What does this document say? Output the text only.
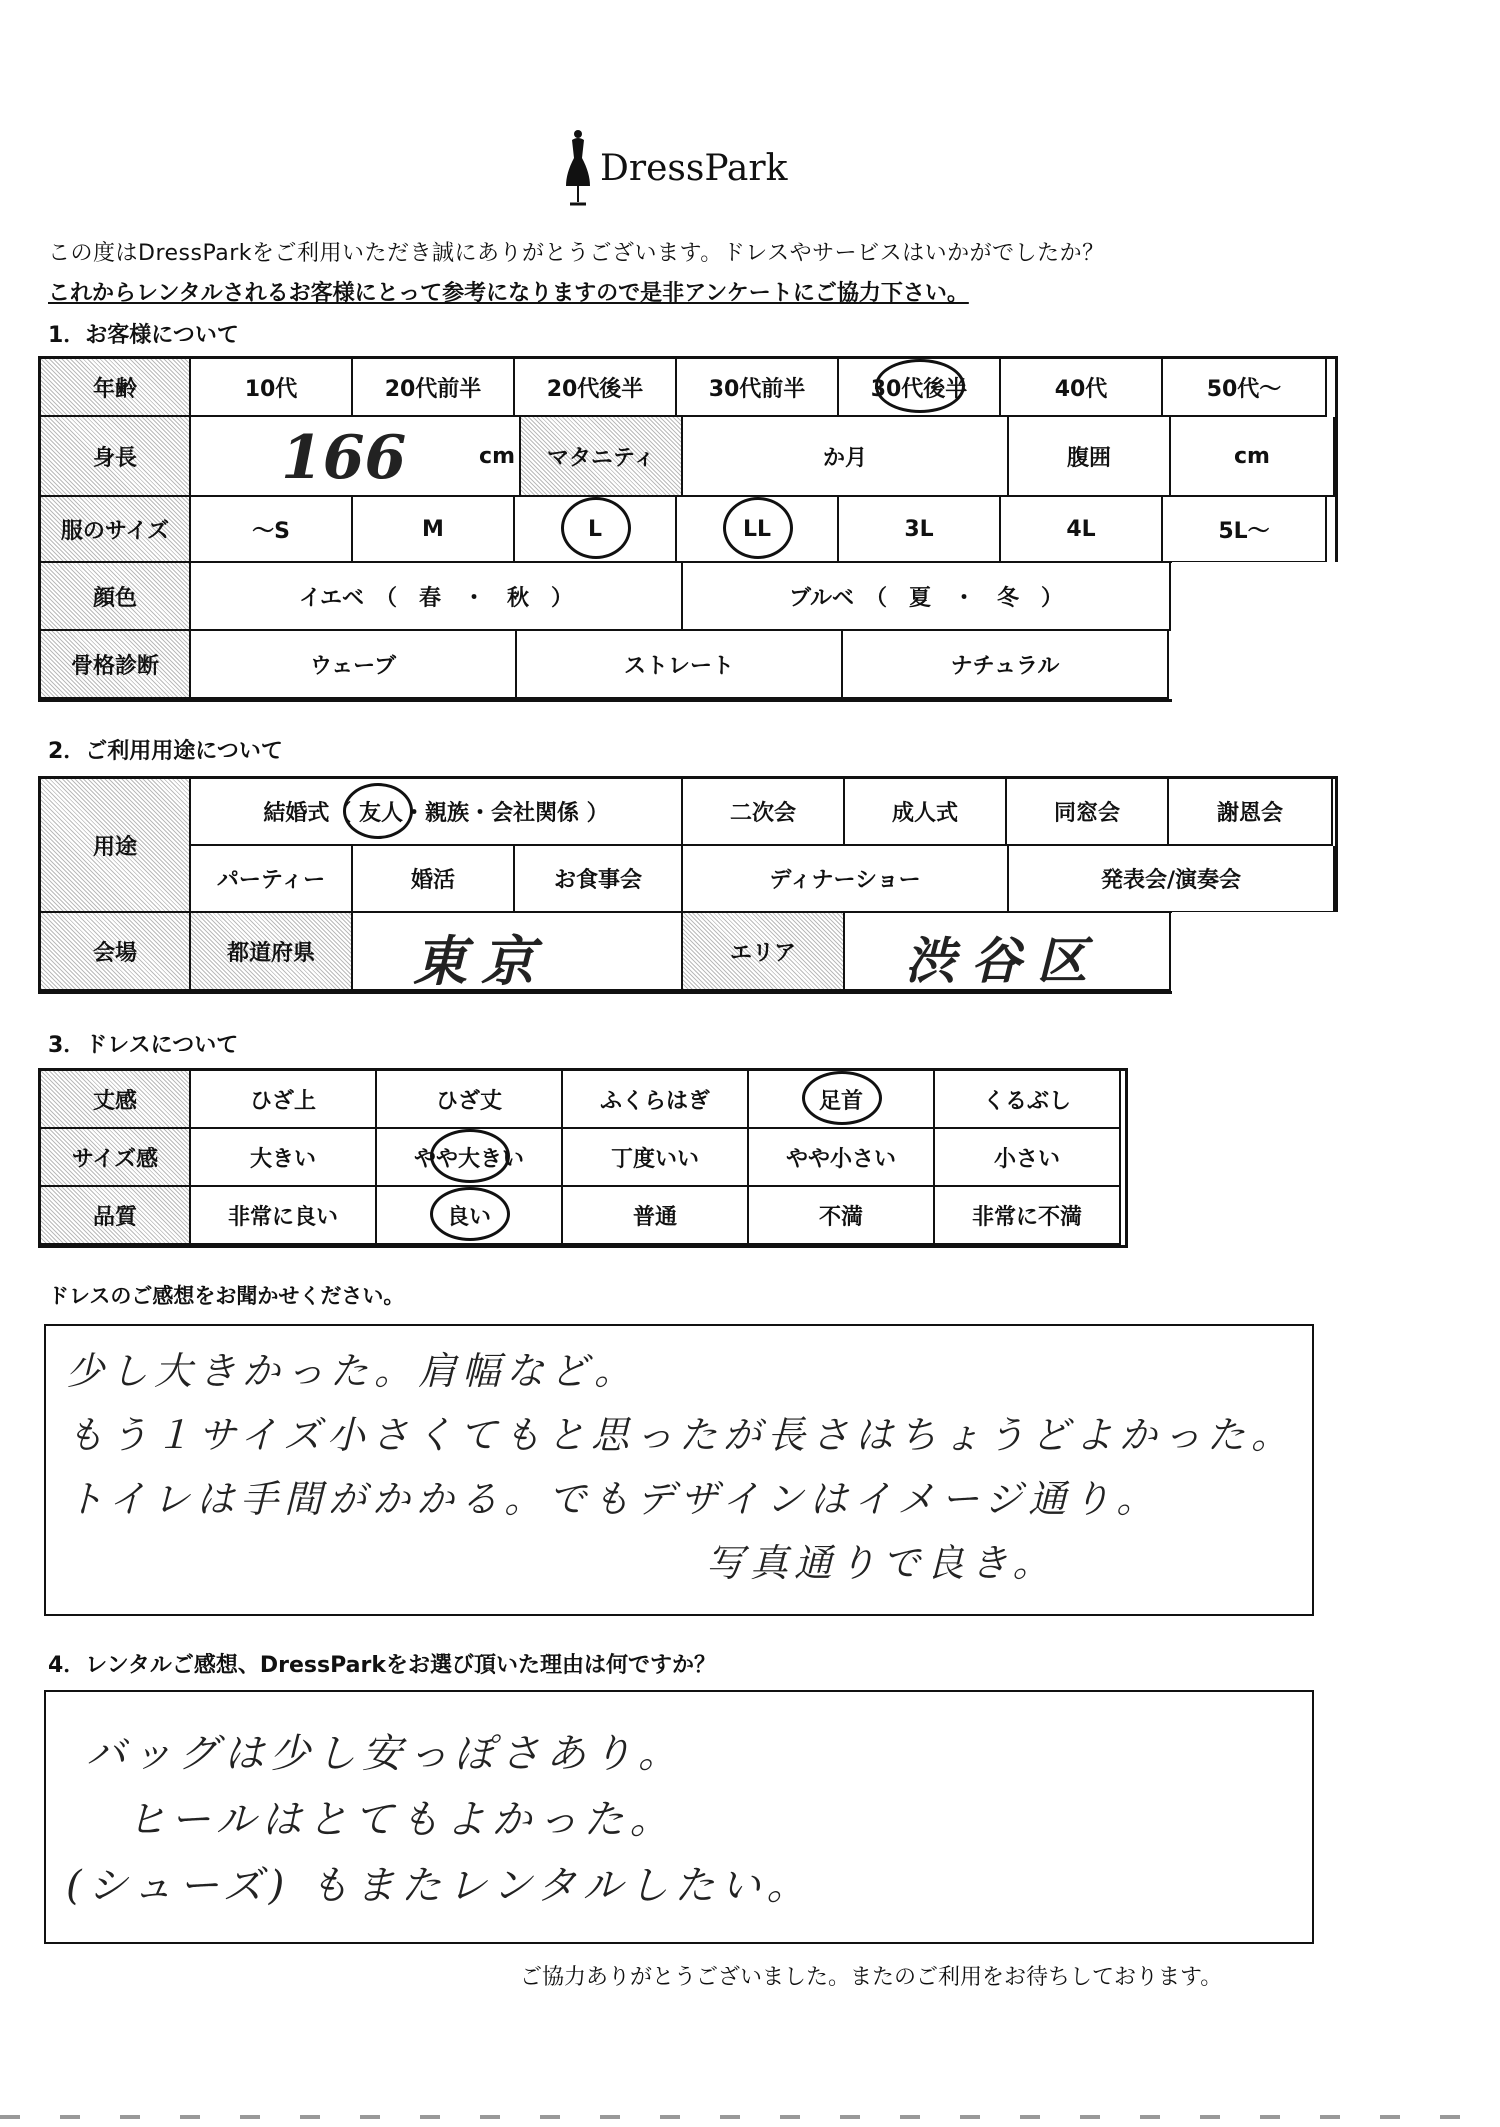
DressPark
この度はDressParkをご利用いただき誠にありがとうございます。ドレスやサービスはいかがでしたか？
これからレンタルされるお客様にとって参考になりますので是非アンケートにご協力下さい。
1．お客様について
年齢	10代	20代前半	20代後半	30代前半	30代後半	40代	50代～
身長	166	cm	マタニティ	か月	腹囲	cm
服のサイズ	～S	M	L	LL	3L	4L	5L～
顔色	イエベ　（　春　・　秋　）	ブルベ　（　夏　・　冬　）
骨格診断	ウェーブ	ストレート	ナチュラル
2．ご利用用途について
用途
結婚式（ 友人・親族・会社関係 ）	二次会	成人式	同窓会	謝恩会
パーティー	婚活	お食事会	ディナーショー	発表会/演奏会
会場	都道府県	東京	エリア	渋谷区
3．ドレスについて
丈感	ひざ上	ひざ丈	ふくらはぎ	足首	くるぶし
サイズ感	大きい	やや大きい	丁度いい	やや小さい	小さい
品質	非常に良い	良い	普通	不満	非常に不満
ドレスのご感想をお聞かせください。
少し大きかった。肩幅など。
もう１サイズ小さくてもと思ったが長さはちょうどよかった。
トイレは手間がかかる。でもデザインはイメージ通り。
写真通りで良き。
4．レンタルご感想、DressParkをお選び頂いた理由は何ですか？
バッグは少し安っぽさあり。
ヒールはとてもよかった。
(シューズ) もまたレンタルしたい。
ご協力ありがとうございました。またのご利用をお待ちしております。
